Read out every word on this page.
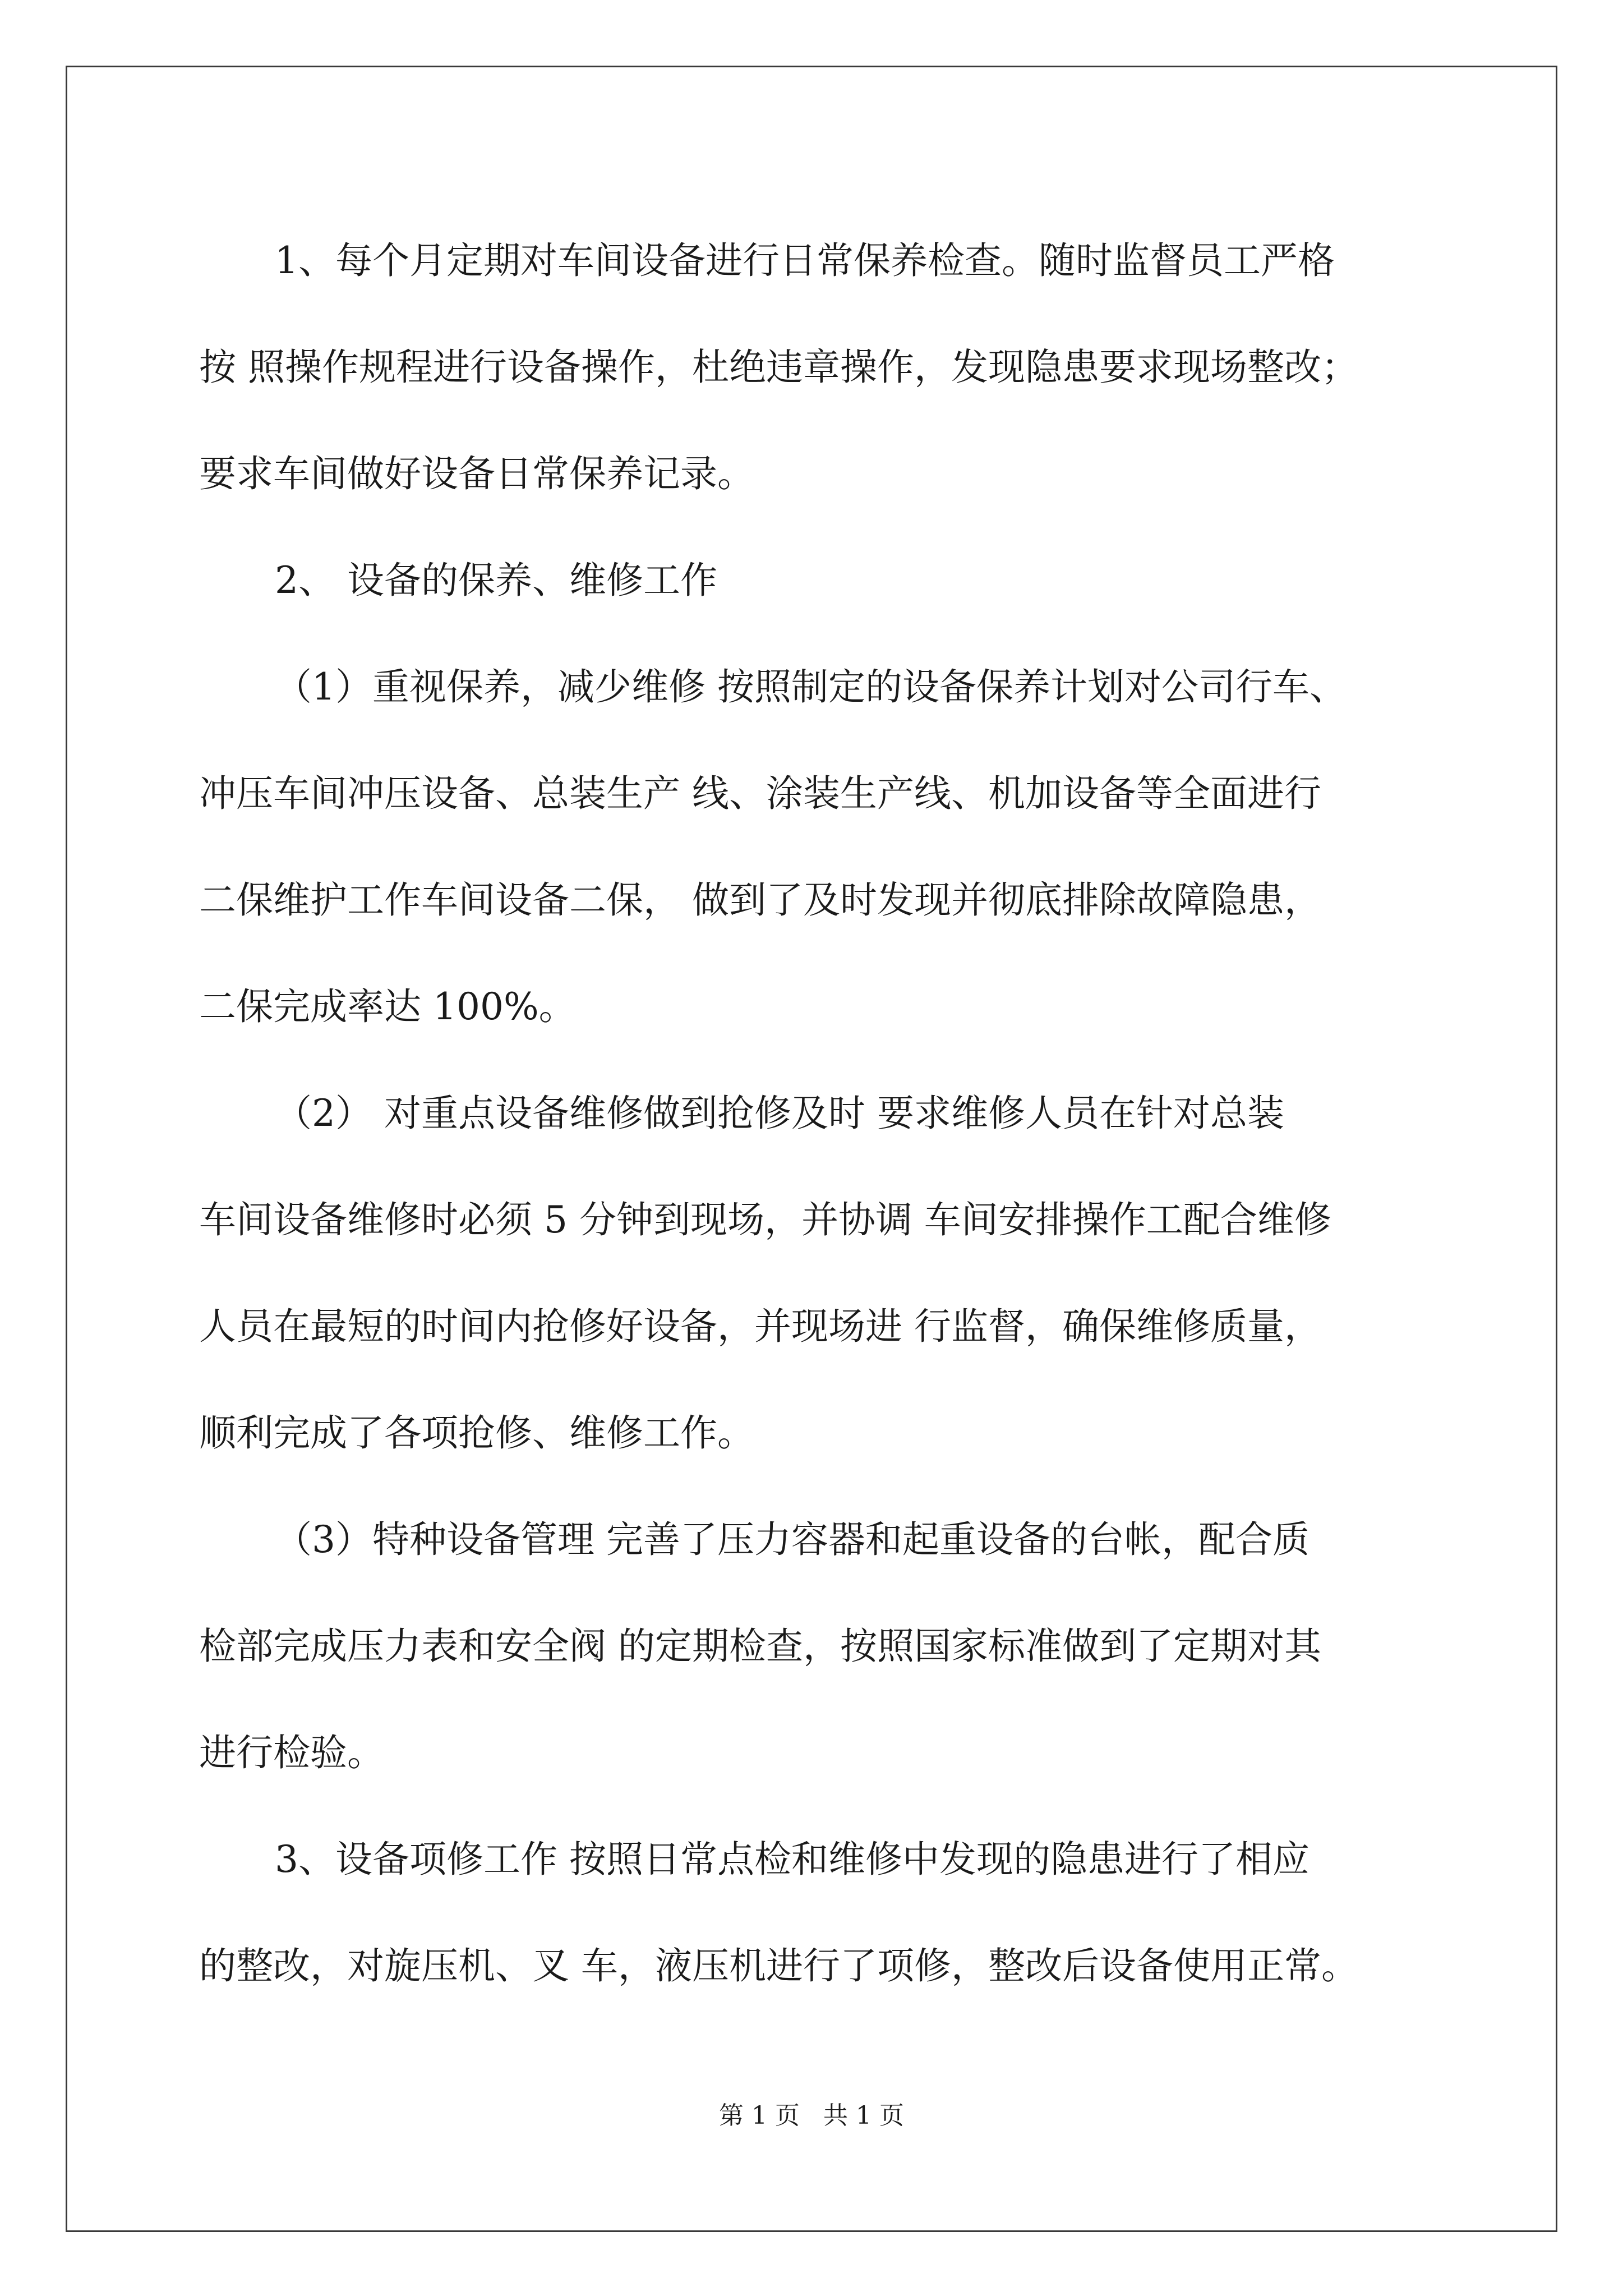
1、每个月定期对车间设备进行日常保养检查。随时监督员工严格
按 照操作规程进行设备操作，杜绝违章操作，发现隐患要求现场整改；
要求车间做好设备日常保养记录。
2、 设备的保养、维修工作
（1）重视保养，减少维修 按照制定的设备保养计划对公司行车、
冲压车间冲压设备、总装生产 线、涂装生产线、机加设备等全面进行
二保维护工作车间设备二保， 做到了及时发现并彻底排除故障隐患，
二保完成率达 100%。
（2） 对重点设备维修做到抢修及时 要求维修人员在针对总装
车间设备维修时必须 5 分钟到现场，并协调 车间安排操作工配合维修
人员在最短的时间内抢修好设备，并现场进 行监督，确保维修质量，
顺利完成了各项抢修、维修工作。
（3）特种设备管理 完善了压力容器和起重设备的台帐，配合质
检部完成压力表和安全阀 的定期检查，按照国家标准做到了定期对其
进行检验。
3、设备项修工作 按照日常点检和维修中发现的隐患进行了相应
的整改，对旋压机、叉 车，液压机进行了项修，整改后设备使用正常。
第 1 页 共 1 页
